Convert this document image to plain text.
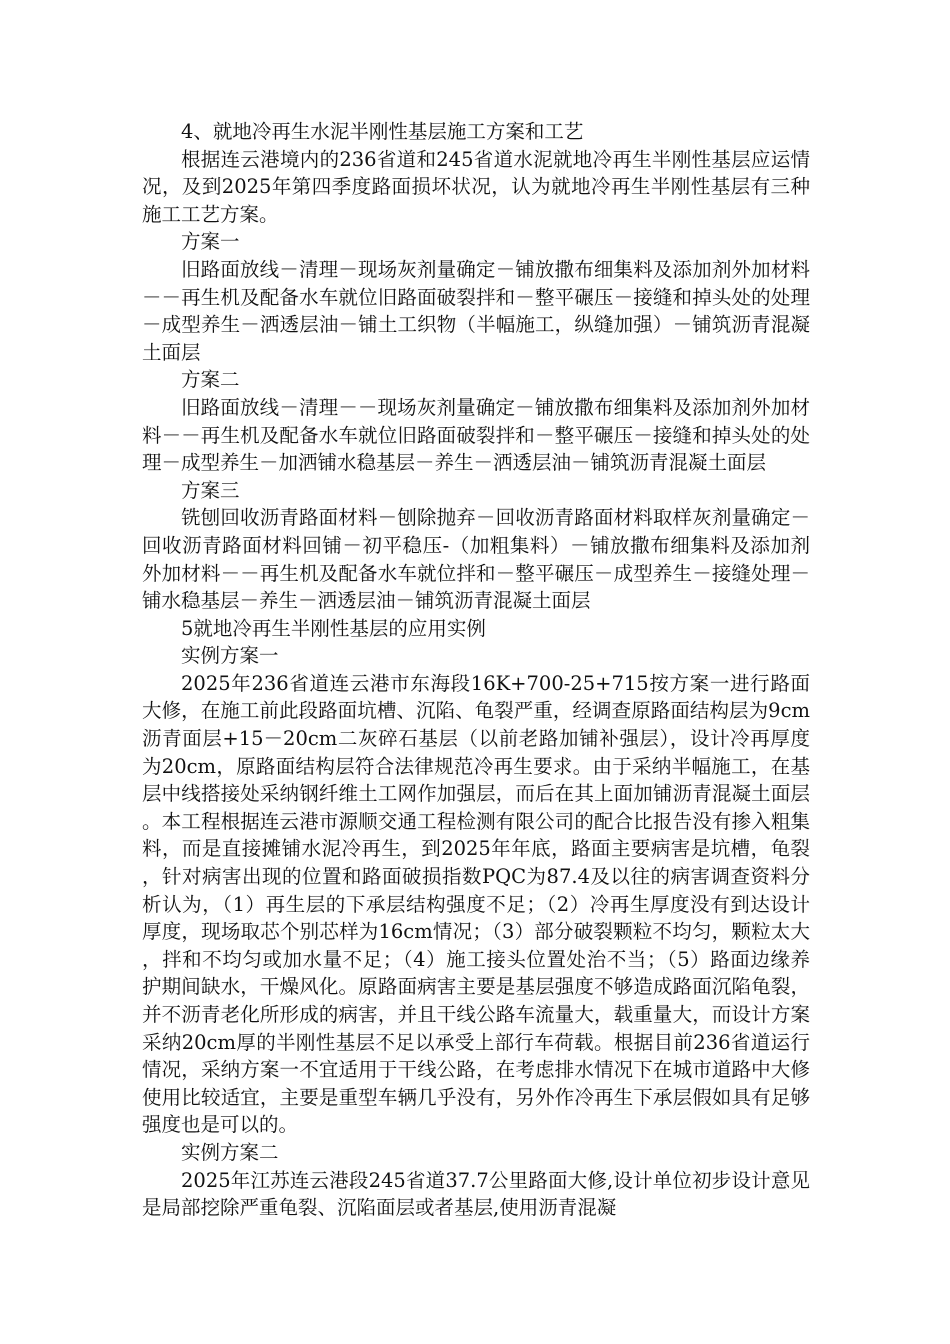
4、就地冷再生水泥半刚性基层施工方案和工艺

根据连云港境内的236省道和245省道水泥就地冷再生半刚性基层应运情况，及到2025年第四季度路面损坏状况，认为就地冷再生半刚性基层有三种施工工艺方案。

方案一

旧路面放线－清理－现场灰剂量确定－铺放撒布细集料及添加剂外加材料－－再生机及配备水车就位旧路面破裂拌和－整平碾压－接缝和掉头处的处理－成型养生－洒透层油－铺土工织物（半幅施工，纵缝加强）－铺筑沥青混凝土面层

方案二

旧路面放线－清理－－现场灰剂量确定－铺放撒布细集料及添加剂外加材料－－再生机及配备水车就位旧路面破裂拌和－整平碾压－接缝和掉头处的处理－成型养生－加洒铺水稳基层－养生－洒透层油－铺筑沥青混凝土面层

方案三

铣刨回收沥青路面材料－刨除抛弃－回收沥青路面材料取样灰剂量确定－回收沥青路面材料回铺－初平稳压-（加粗集料）－铺放撒布细集料及添加剂外加材料－－再生机及配备水车就位拌和－整平碾压－成型养生－接缝处理－铺水稳基层－养生－洒透层油－铺筑沥青混凝土面层

5就地冷再生半刚性基层的应用实例

实例方案一

2025年236省道连云港市东海段16K+700-25+715按方案一进行路面大修，在施工前此段路面坑槽、沉陷、龟裂严重，经调查原路面结构层为9cm沥青面层+15－20cm二灰碎石基层（以前老路加铺补强层），设计冷再厚度为20cm，原路面结构层符合法律规范冷再生要求。由于采纳半幅施工，在基层中线搭接处采纳钢纤维土工网作加强层，而后在其上面加铺沥青混凝土面层。本工程根据连云港市源顺交通工程检测有限公司的配合比报告没有掺入粗集料，而是直接摊铺水泥冷再生，到2025年年底，路面主要病害是坑槽，龟裂，针对病害出现的位置和路面破损指数PQC为87.4及以往的病害调查资料分析认为，（1）再生层的下承层结构强度不足；（2）冷再生厚度没有到达设计厚度，现场取芯个别芯样为16cm情况；（3）部分破裂颗粒不均匀，颗粒太大，拌和不均匀或加水量不足；（4）施工接头位置处治不当；（5）路面边缘养护期间缺水，干燥风化。原路面病害主要是基层强度不够造成路面沉陷龟裂，并不沥青老化所形成的病害，并且干线公路车流量大，载重量大，而设计方案采纳20cm厚的半刚性基层不足以承受上部行车荷载。根据目前236省道运行情况，采纳方案一不宜适用于干线公路，在考虑排水情况下在城市道路中大修使用比较适宜，主要是重型车辆几乎没有，另外作冷再生下承层假如具有足够强度也是可以的。

实例方案二

2025年江苏连云港段245省道37.7公里路面大修,设计单位初步设计意见是局部挖除严重龟裂、沉陷面层或者基层,使用沥青混凝
